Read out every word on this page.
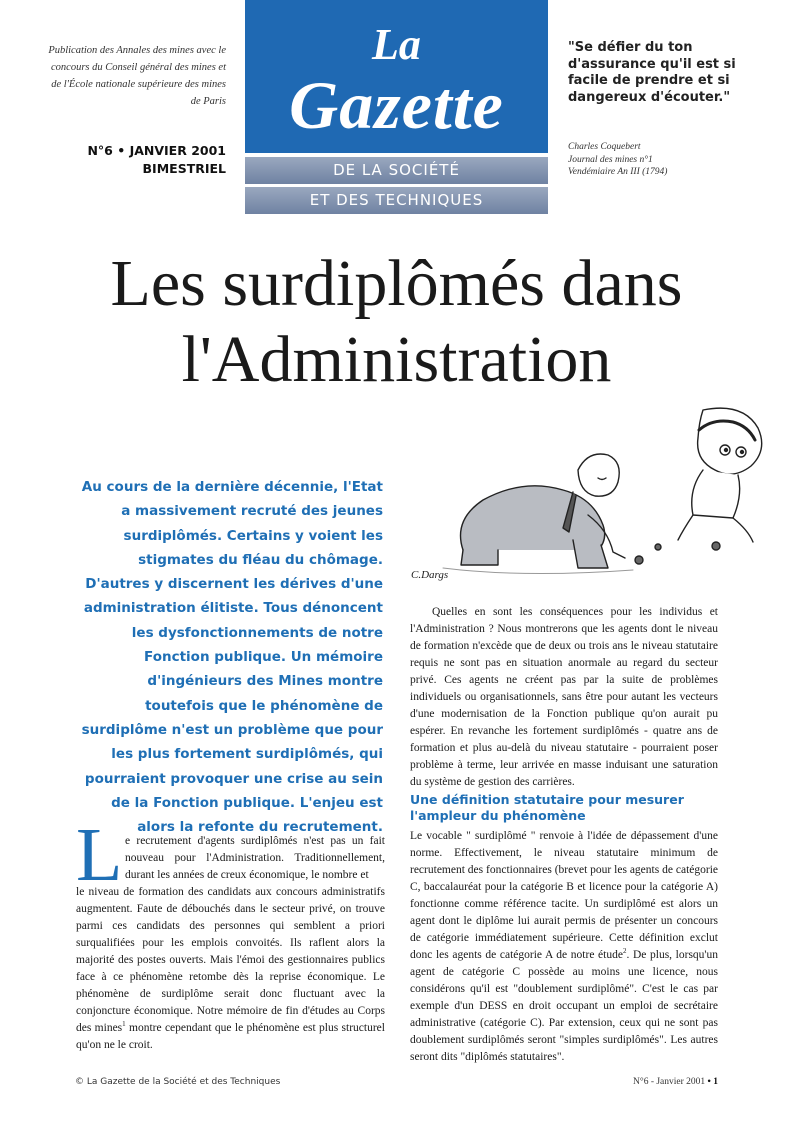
Publication des Annales des mines avec le concours du Conseil général des mines et de l'École nationale supérieure des mines de Paris
N°6 • JANVIER 2001
BIMESTRIEL
La
Gazette
DE LA SOCIÉTÉ
ET DES TECHNIQUES
"Se défier du ton d'assurance qu'il est si facile de prendre et si dangereux d'écouter."
Charles Coquebert
Journal des mines n°1
Vendémiaire An III (1794)
Les surdiplômés dans
l'Administration
Au cours de la dernière décennie, l'Etat a massivement recruté des jeunes surdiplômés. Certains y voient les stigmates du fléau du chômage. D'autres y discernent les dérives d'une administration élitiste. Tous dénoncent les dysfonctionnements de notre Fonction publique. Un mémoire d'ingénieurs des Mines montre toutefois que le phénomène de surdiplôme n'est un problème que pour les plus fortement surdiplômés, qui pourraient provoquer une crise au sein de la Fonction publique. L'enjeu est alors la refonte du recrutement.
C.Dargs
Quelles en sont les conséquences pour les individus et l'Administration ? Nous montrerons que les agents dont le niveau de formation n'excède que de deux ou trois ans le niveau statutaire requis ne sont pas en situation anormale au regard du secteur privé. Ces agents ne créent pas par la suite de problèmes individuels ou organisationnels, sans être pour autant les vecteurs d'une modernisation de la Fonction publique qu'on aurait pu espérer. En revanche les fortement surdiplômés - quatre ans de formation et plus au-delà du niveau statutaire - pourraient poser problème à terme, leur arrivée en masse induisant une saturation du système de gestion des carrières.
Une définition statutaire pour mesurer l'ampleur du phénomène
Le vocable " surdiplômé " renvoie à l'idée de dépassement d'une norme. Effectivement, le niveau statutaire minimum de recrutement des fonctionnaires (brevet pour les agents de catégorie C, baccalauréat pour la catégorie B et licence pour la catégorie A) fonctionne comme référence tacite. Un surdiplômé est alors un agent dont le diplôme lui aurait permis de présenter un concours de catégorie immédiatement supérieure. Cette définition exclut donc les agents de catégorie A de notre étude$^2$. De plus, lorsqu'un agent de catégorie C possède au moins une licence, nous considérons qu'il est "doublement surdiplômé". C'est le cas par exemple d'un DESS en droit occupant un emploi de secrétaire administrative (catégorie C). Par extension, ceux qui ne sont pas doublement surdiplômés seront "simples surdiplômés". Les autres seront dits "diplômés statutaires".
L e recrutement d'agents surdiplômés n'est pas un fait nouveau pour l'Administration. Traditionnellement, durant les années de creux économique, le nombre et
le niveau de formation des candidats aux concours administratifs augmentent. Faute de débouchés dans le secteur privé, on trouve parmi ces candidats des personnes qui semblent a priori surqualifiées pour les emplois convoités. Ils raflent alors la majorité des postes ouverts. Mais l'émoi des gestionnaires publics face à ce phénomène retombe dès la reprise économique. Le phénomène de surdiplôme serait donc fluctuant avec la conjoncture économique. Notre mémoire de fin d'études au Corps des mines$^1$ montre cependant que le phénomène est plus structurel qu'on ne le croit.
© La Gazette de la Société et des Techniques	N°6 - Janvier 2001 • 1
